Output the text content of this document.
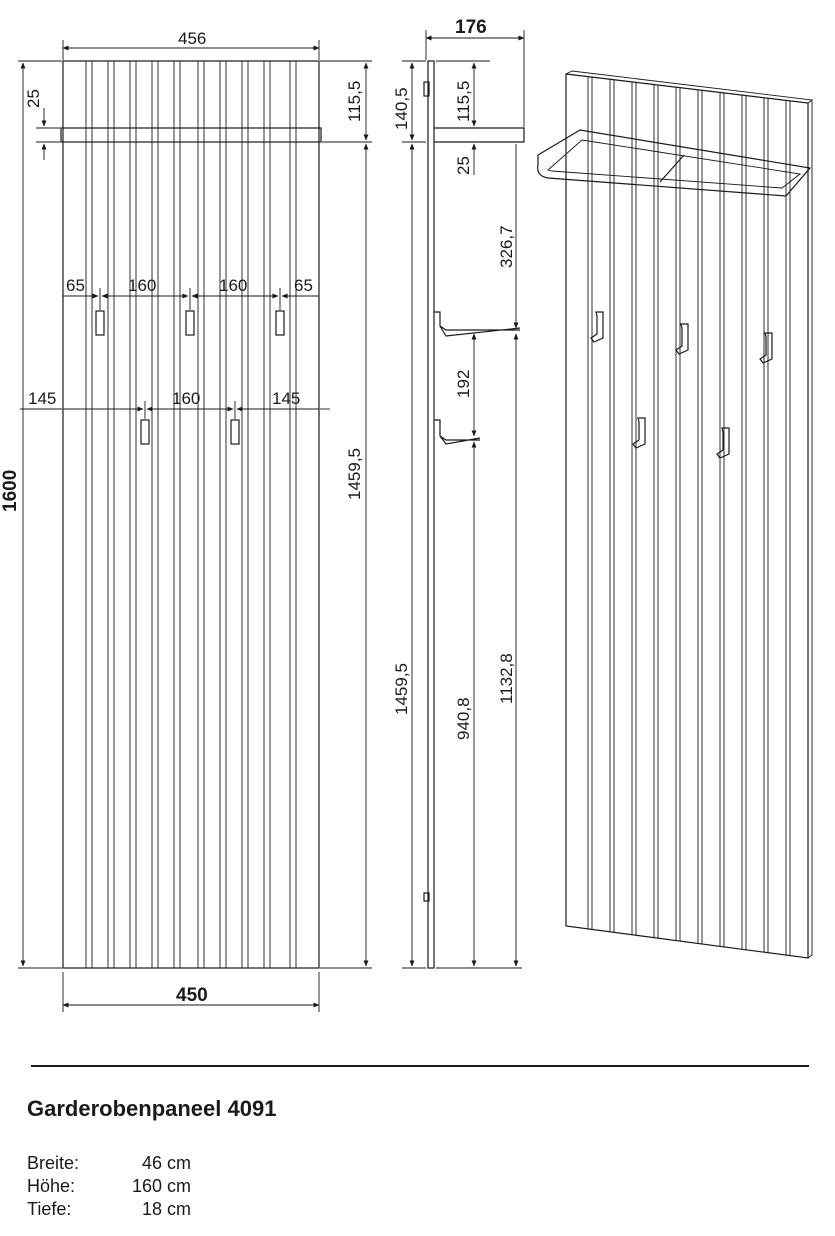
456
450
1600
25	115,5
1459,5
65	160	160	65
145	160	145
176
140,5
1459,5
115,5
25
326,7
192
940,8
1132,8
Garderobenpaneel 4091
Breite:	46 cm
Höhe:	160 cm
Tiefe:	18 cm
